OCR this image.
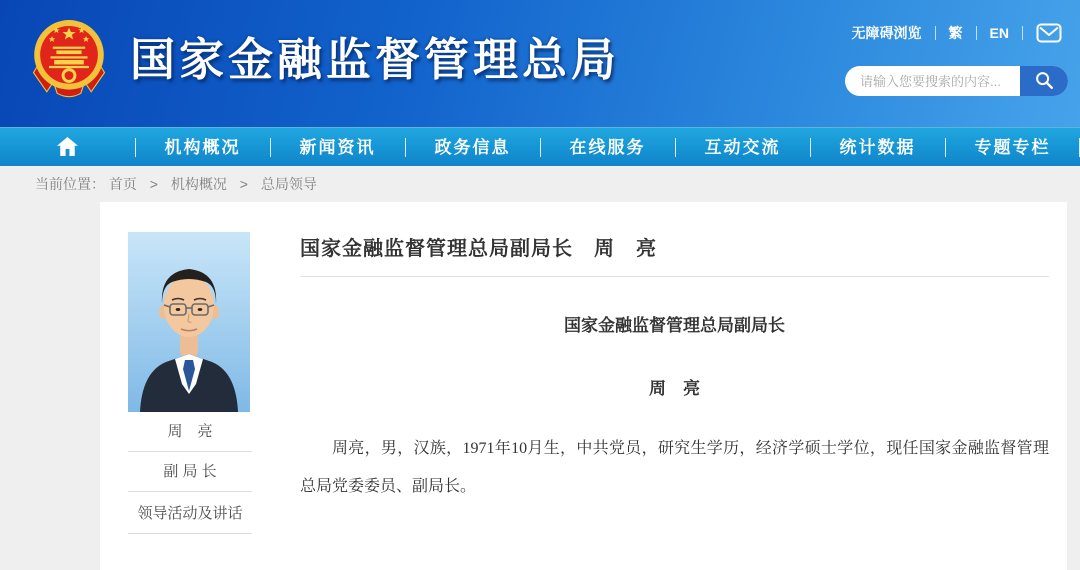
国家金融监督管理总局
无障碍浏览 繁 EN
请输入您要搜索的内容...
机构概况	新闻资讯	政务信息	在线服务	互动交流	统计数据	专题专栏
当前位置： 首页 > 机构概况 > 总局领导
周　亮
副 局 长
领导活动及讲话
国家金融监督管理总局副局长　周　亮

国家金融监督管理总局副局长

周　亮

周亮，男，汉族，1971年10月生，中共党员，研究生学历，经济学硕士学位，现任国家金融监督管理总局党委委员、副局长。
